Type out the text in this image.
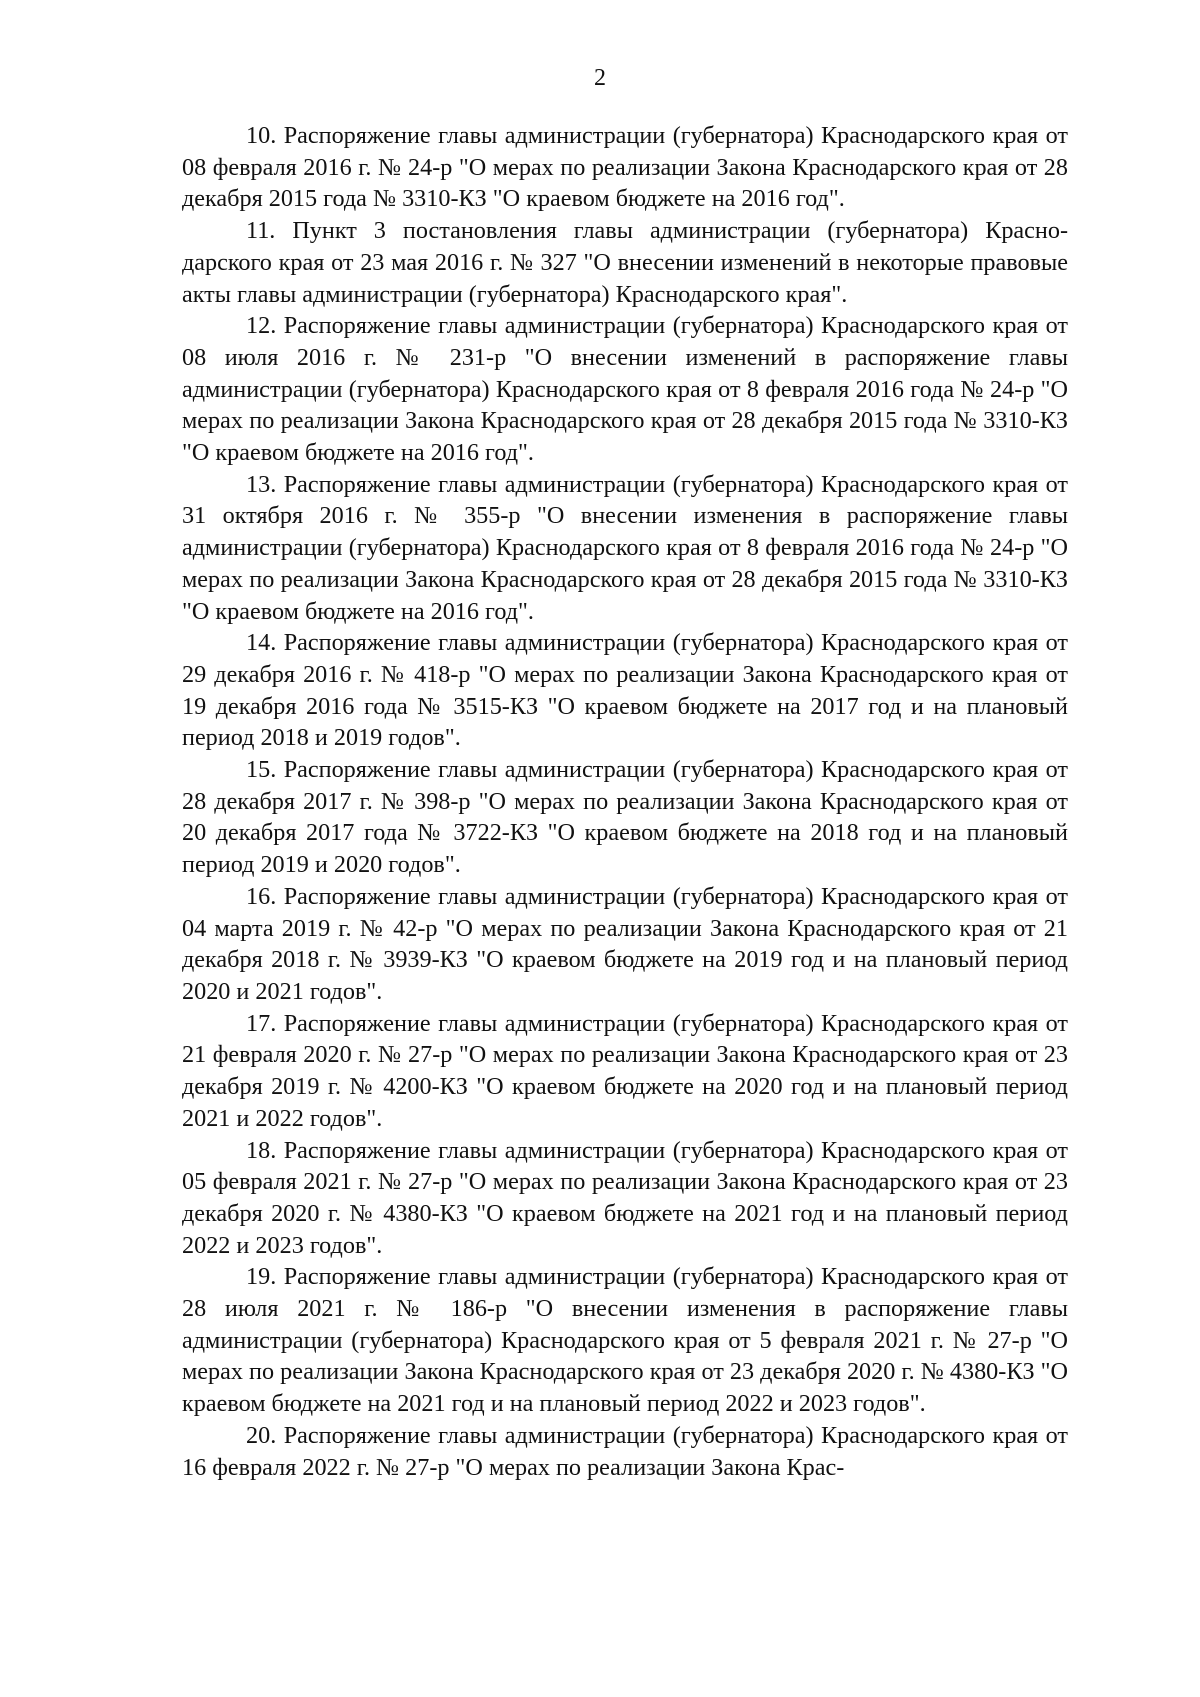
2

10. Распоряжение главы администрации (губернатора) Краснодарского края от 08 февраля 2016 г. № 24-р "О мерах по реализации Закона Краснодарского края от 28 декабря 2015 года № 3310-КЗ "О краевом бюджете на 2016 год".

11. Пункт 3 постановления главы администрации (губернатора) Краснодарского края от 23 мая 2016 г. № 327 "О внесении изменений в некоторые правовые акты главы администрации (губернатора) Краснодарского края".

12. Распоряжение главы администрации (губернатора) Краснодарского края от 08 июля 2016 г. № 231-р "О внесении изменений в распоряжение главы администрации (губернатора) Краснодарского края от 8 февраля 2016 года № 24-р "О мерах по реализации Закона Краснодарского края от 28 декабря 2015 года № 3310-КЗ "О краевом бюджете на 2016 год".

13. Распоряжение главы администрации (губернатора) Краснодарского края от 31 октября 2016 г. № 355-р "О внесении изменения в распоряжение главы администрации (губернатора) Краснодарского края от 8 февраля 2016 года № 24-р "О мерах по реализации Закона Краснодарского края от 28 декабря 2015 года № 3310-КЗ "О краевом бюджете на 2016 год".

14. Распоряжение главы администрации (губернатора) Краснодарского края от 29 декабря 2016 г. № 418-р "О мерах по реализации Закона Краснодарского края от 19 декабря 2016 года № 3515-КЗ "О краевом бюджете на 2017 год и на плановый период 2018 и 2019 годов".

15. Распоряжение главы администрации (губернатора) Краснодарского края от 28 декабря 2017 г. № 398-р "О мерах по реализации Закона Краснодарского края от 20 декабря 2017 года № 3722-КЗ "О краевом бюджете на 2018 год и на плановый период 2019 и 2020 годов".

16. Распоряжение главы администрации (губернатора) Краснодарского края от 04 марта 2019 г. № 42-р "О мерах по реализации Закона Краснодарского края от 21 декабря 2018 г. № 3939-КЗ "О краевом бюджете на 2019 год и на плановый период 2020 и 2021 годов".

17. Распоряжение главы администрации (губернатора) Краснодарского края от 21 февраля 2020 г. № 27-р "О мерах по реализации Закона Краснодарского края от 23 декабря 2019 г. № 4200-КЗ "О краевом бюджете на 2020 год и на плановый период 2021 и 2022 годов".

18. Распоряжение главы администрации (губернатора) Краснодарского края от 05 февраля 2021 г. № 27-р "О мерах по реализации Закона Краснодарского края от 23 декабря 2020 г. № 4380-КЗ "О краевом бюджете на 2021 год и на плановый период 2022 и 2023 годов".

19. Распоряжение главы администрации (губернатора) Краснодарского края от 28 июля 2021 г. № 186-р "О внесении изменения в распоряжение главы администрации (губернатора) Краснодарского края от 5 февраля 2021 г. № 27-р "О мерах по реализации Закона Краснодарского края от 23 декабря 2020 г. № 4380-КЗ "О краевом бюджете на 2021 год и на плановый период 2022 и 2023 годов".

20. Распоряжение главы администрации (губернатора) Краснодарского края от 16 февраля 2022 г. № 27-р "О мерах по реализации Закона Крас-
